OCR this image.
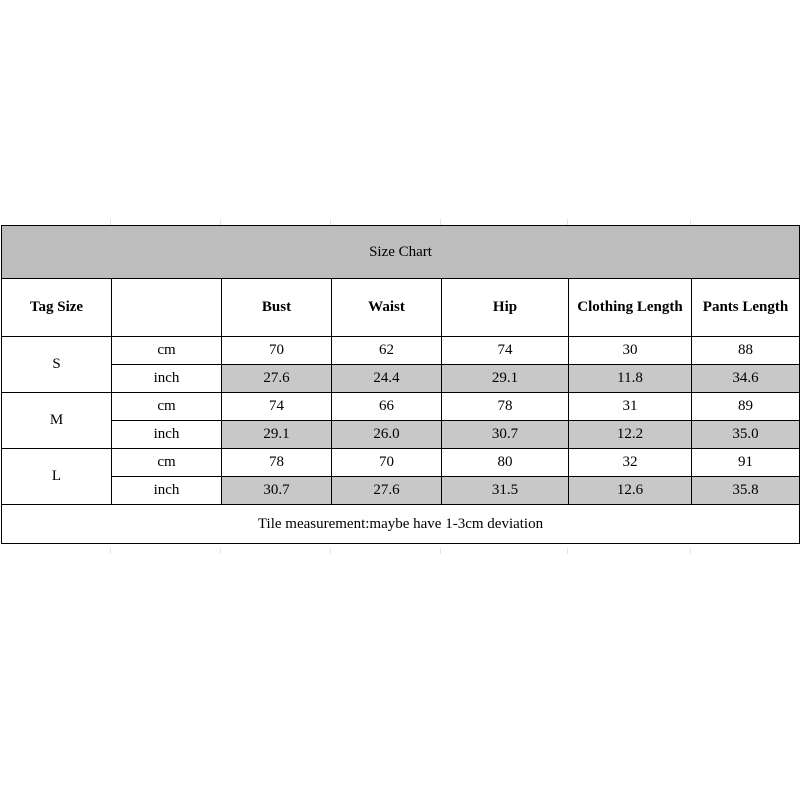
Size Chart						
Tag Size		Bust	Waist	Hip	Clothing Length	Pants Length
S	cm	70	62	74	30	88
	inch	27.6	24.4	29.1	11.8	34.6
M	cm	74	66	78	31	89
	inch	29.1	26.0	30.7	12.2	35.0
L	cm	78	70	80	32	91
	inch	30.7	27.6	31.5	12.6	35.8
Tile measurement:maybe have 1-3cm deviation						
